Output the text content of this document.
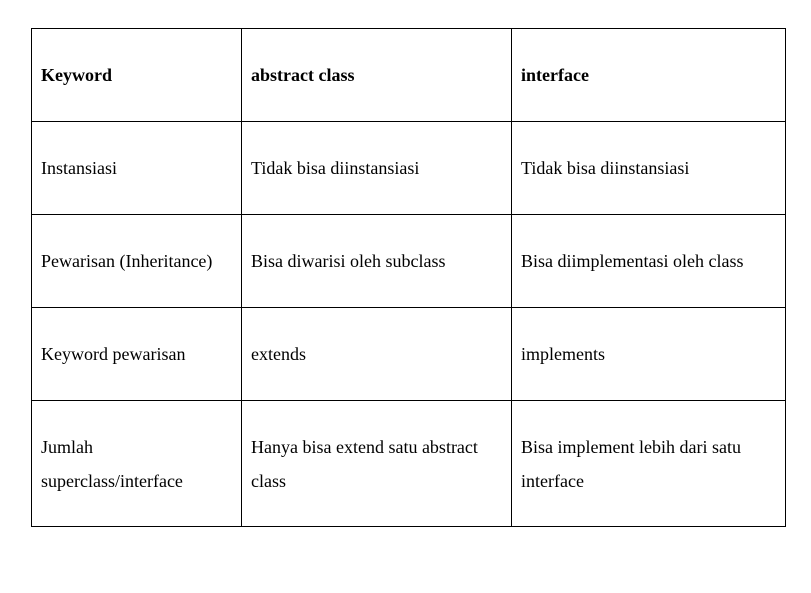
Keyword	abstract class	interface
Instansiasi	Tidak bisa diinstansiasi	Tidak bisa diinstansiasi
Pewarisan (Inheritance)	Bisa diwarisi oleh subclass	Bisa diimplementasi oleh class
Keyword pewarisan	extends	implements
Jumlah superclass/interface	Hanya bisa extend satu abstract class	Bisa implement lebih dari satu interface
